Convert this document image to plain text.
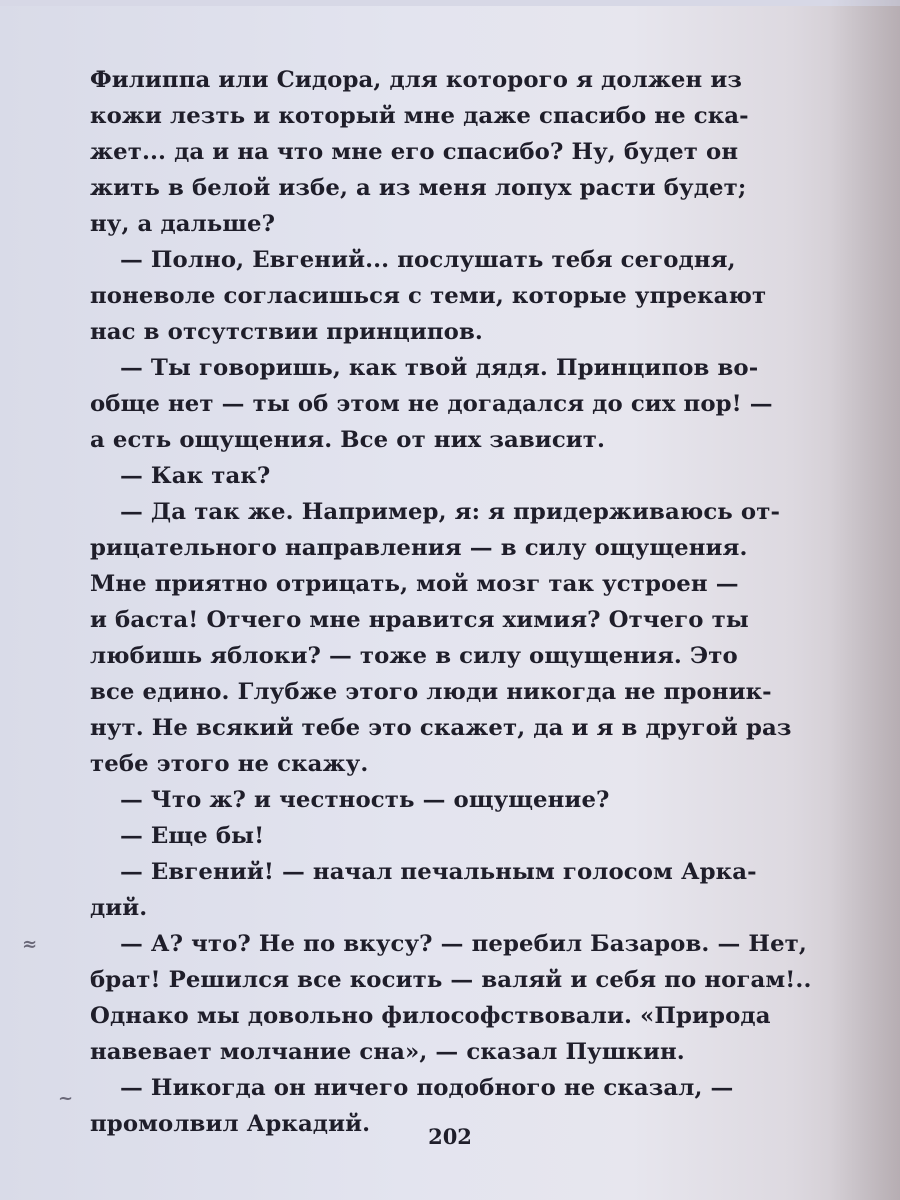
Филиппа или Сидора, для которого я должен из
кожи лезть и который мне даже спасибо не ска-
жет... да и на что мне его спасибо? Ну, будет он
жить в белой избе, а из меня лопух расти будет;
ну, а дальше?
— Полно, Евгений... послушать тебя сегодня,
поневоле согласишься с теми, которые упрекают
нас в отсутствии принципов.
— Ты говоришь, как твой дядя. Принципов во-
обще нет — ты об этом не догадался до сих пор! —
а есть ощущения. Все от них зависит.
— Как так?
— Да так же. Например, я: я придерживаюсь от-
рицательного направления — в силу ощущения.
Мне приятно отрицать, мой мозг так устроен —
и баста! Отчего мне нравится химия? Отчего ты
любишь яблоки? — тоже в силу ощущения. Это
все едино. Глубже этого люди никогда не проник-
нут. Не всякий тебе это скажет, да и я в другой раз
тебе этого не скажу.
— Что ж? и честность — ощущение?
— Еще бы!
— Евгений! — начал печальным голосом Арка-
дий.
— А? что? Не по вкусу? — перебил Базаров. — Нет,
брат! Решился все косить — валяй и себя по ногам!..
Однако мы довольно философствовали. «Природа
навевает молчание сна», — сказал Пушкин.
— Никогда он ничего подобного не сказал, —
промолвил Аркадий.
≈
~
202
